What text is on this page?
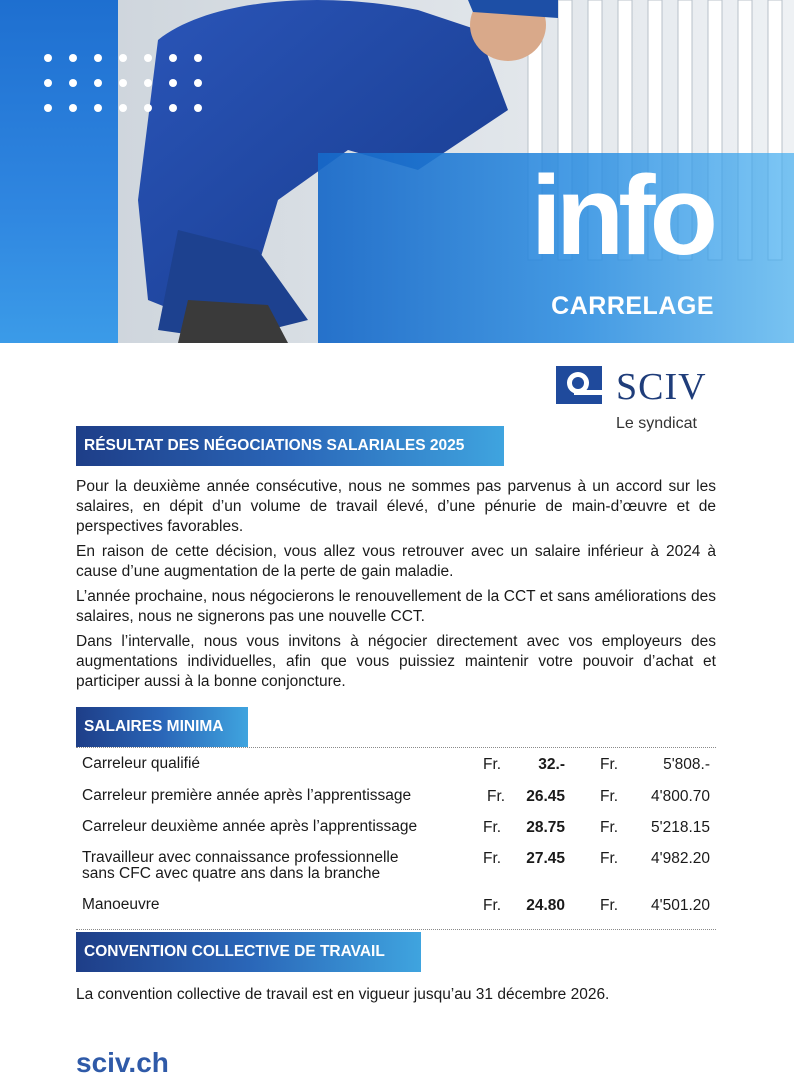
info
CARRELAGE
SCIV
Le syndicat
RÉSULTAT DES NÉGOCIATIONS SALARIALES 2025

Pour la deuxième année consécutive, nous ne sommes pas parvenus à un accord sur les salaires, en dépit d’un volume de travail élevé, d’une pénurie de main-d’œuvre et de perspectives favorables.

En raison de cette décision, vous allez vous retrouver avec un salaire inférieur à 2024 à cause d’une augmentation de la perte de gain maladie.

L’année prochaine, nous négocierons le renouvellement de la CCT et sans améliorations des salaires, nous ne signerons pas une nouvelle CCT.

Dans l’intervalle, nous vous invitons à négocier directement avec vos employeurs des augmentations individuelles, afin que vous puissiez maintenir votre pouvoir d’achat et participer aussi à la bonne conjoncture.

SALAIRES MINIMA
Carreleur qualifié	Fr.	32.- Fr.	5'808.-
Carreleur première année après l’apprentissage	Fr.	26.45 Fr.	4'800.70
Carreleur deuxième année après l’apprentissage	Fr.	28.75 Fr.	5'218.15
Travailleur avec connaissance professionnelle
sans CFC avec quatre ans dans la branche
Fr.	27.45 Fr.	4'982.20
Manoeuvre	Fr.	24.80 Fr.	4'501.20
CONVENTION COLLECTIVE DE TRAVAIL
La convention collective de travail est en vigueur jusqu’au 31 décembre 2026.
sciv.ch
